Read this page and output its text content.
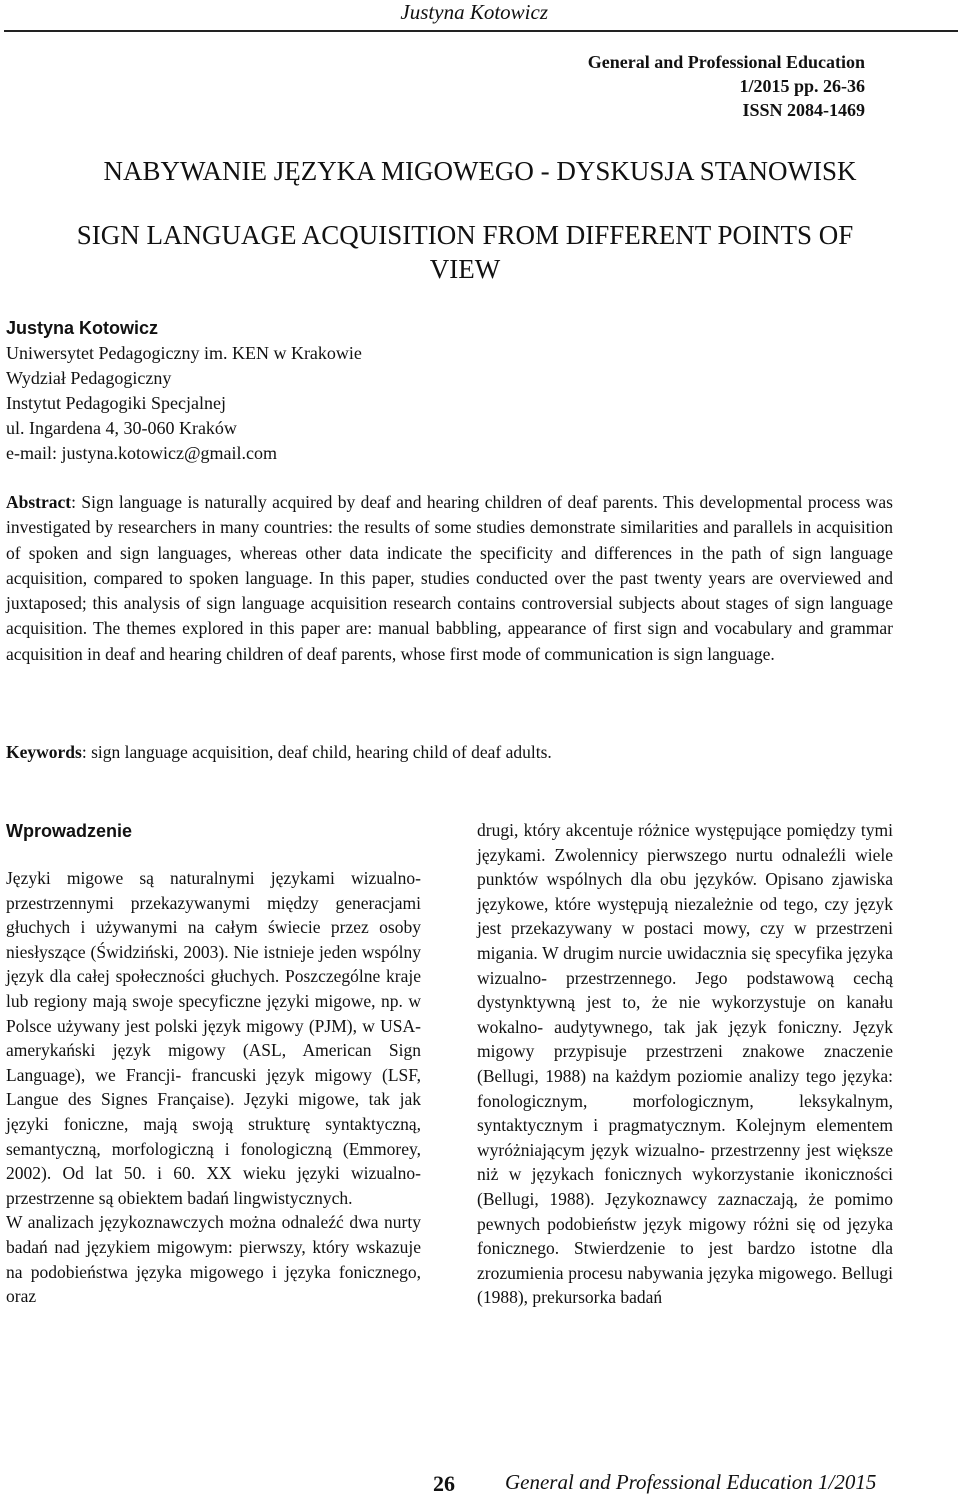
Justyna Kotowicz
General and Professional Education
1/2015 pp. 26-36
ISSN 2084-1469
NABYWANIE JĘZYKA MIGOWEGO - DYSKUSJA STANOWISK
SIGN LANGUAGE ACQUISITION FROM DIFFERENT POINTS OF VIEW
Justyna Kotowicz
Uniwersytet Pedagogiczny im. KEN w Krakowie
Wydział Pedagogiczny
Instytut Pedagogiki Specjalnej
ul. Ingardena 4, 30-060 Kraków
e-mail: justyna.kotowicz@gmail.com
Abstract: Sign language is naturally acquired by deaf and hearing children of deaf parents. This developmental process was investigated by researchers in many countries: the results of some studies demonstrate similarities and parallels in acquisition of spoken and sign languages, whereas other data indicate the specificity and differences in the path of sign language acquisition, compared to spoken language. In this paper, studies conducted over the past twenty years are overviewed and juxtaposed; this analysis of sign language acquisition research contains controversial subjects about stages of sign language acquisition. The themes explored in this paper are: manual babbling, appearance of first sign and vocabulary and grammar acquisition in deaf and hearing children of deaf parents, whose first mode of communication is sign language.
Keywords: sign language acquisition, deaf child, hearing child of deaf adults.
Wprowadzenie

Języki migowe są naturalnymi językami wizualno- przestrzennymi przekazywanymi między generacjami głuchych i używanymi na całym świecie przez osoby niesłyszące (Świdziński, 2003). Nie istnieje jeden wspólny język dla całej społeczności głuchych. Poszczególne kraje lub regiony mają swoje specyficzne języki migowe, np. w Polsce używany jest polski język migowy (PJM), w USA- amerykański język migowy (ASL, American Sign Language), we Francji- francuski język migowy (LSF, Langue des Signes Française). Języki migowe, tak jak języki foniczne, mają swoją strukturę syntaktyczną, semantyczną, morfologiczną i fonologiczną (Emmorey, 2002). Od lat 50. i 60. XX wieku języki wizualno-przestrzenne są obiektem badań lingwistycznych.

W analizach językoznawczych można odnaleźć dwa nurty badań nad językiem migowym: pierwszy, który wskazuje na podobieństwa języka migowego i języka fonicznego, oraz

drugi, który akcentuje różnice występujące pomiędzy tymi językami. Zwolennicy pierwszego nurtu odnaleźli wiele punktów wspólnych dla obu języków. Opisano zjawiska językowe, które występują niezależnie od tego, czy język jest przekazywany w postaci mowy, czy w przestrzeni migania. W drugim nurcie uwidacznia się specyfika języka wizualno- przestrzennego. Jego podstawową cechą dystynktywną jest to, że nie wykorzystuje on kanału wokalno- audytywnego, tak jak język foniczny. Język migowy przypisuje przestrzeni znakowe znaczenie (Bellugi, 1988) na każdym poziomie analizy tego języka: fonologicznym, morfologicznym, leksykalnym, syntaktycznym i pragmatycznym. Kolejnym elementem wyróżniającym język wizualno- przestrzenny jest większe niż w językach fonicznych wykorzystanie ikoniczności (Bellugi, 1988). Językoznawcy zaznaczają, że pomimo pewnych podobieństw język migowy różni się od języka fonicznego. Stwierdzenie to jest bardzo istotne dla zrozumienia procesu nabywania języka migowego. Bellugi (1988), prekursorka badań

26 General and Professional Education 1/2015
